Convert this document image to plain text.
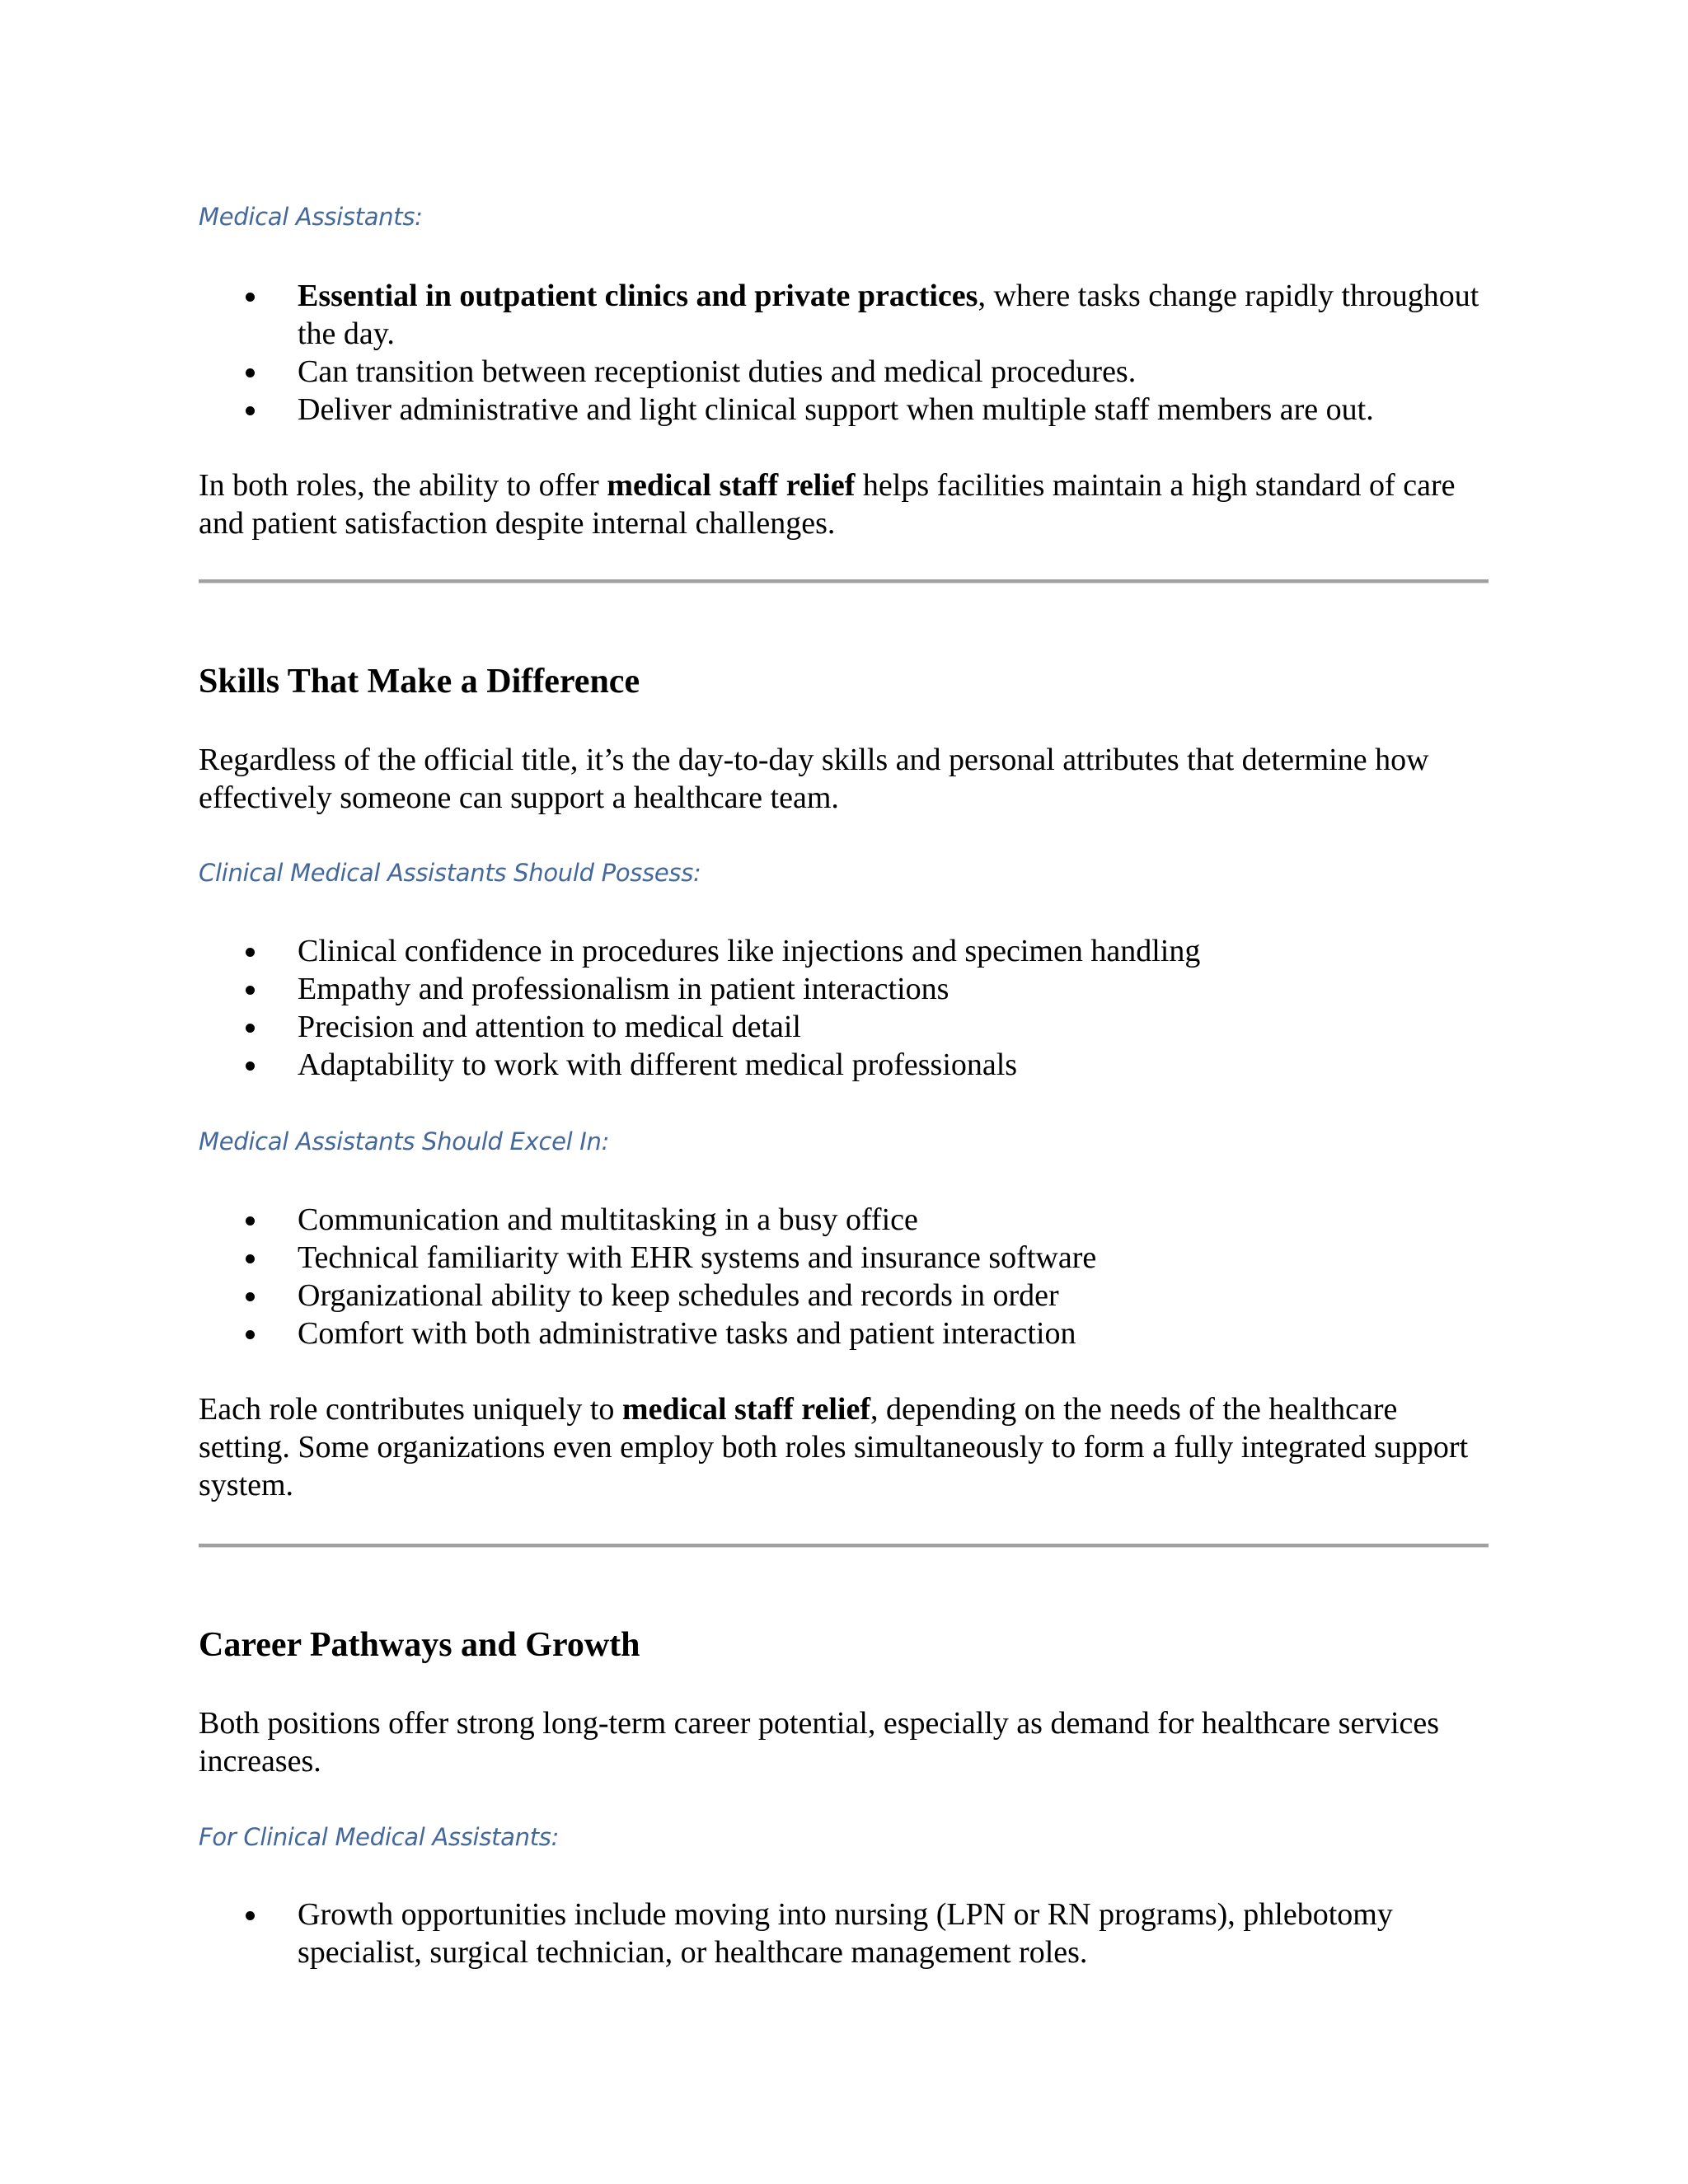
Medical Assistants:
Essential in outpatient clinics and private practices, where tasks change rapidly throughout the day.
Can transition between receptionist duties and medical procedures.
Deliver administrative and light clinical support when multiple staff members are out.

In both roles, the ability to offer medical staff relief helps facilities maintain a high standard of care and patient satisfaction despite internal challenges.

Skills That Make a Difference

Regardless of the official title, it’s the day-to-day skills and personal attributes that determine how effectively someone can support a healthcare team.

Clinical Medical Assistants Should Possess:
Clinical confidence in procedures like injections and specimen handling
Empathy and professionalism in patient interactions
Precision and attention to medical detail
Adaptability to work with different medical professionals
Medical Assistants Should Excel In:
Communication and multitasking in a busy office
Technical familiarity with EHR systems and insurance software
Organizational ability to keep schedules and records in order
Comfort with both administrative tasks and patient interaction

Each role contributes uniquely to medical staff relief, depending on the needs of the healthcare setting. Some organizations even employ both roles simultaneously to form a fully integrated support system.

Career Pathways and Growth

Both positions offer strong long-term career potential, especially as demand for healthcare services increases.

For Clinical Medical Assistants:
Growth opportunities include moving into nursing (LPN or RN programs), phlebotomy specialist, surgical technician, or healthcare management roles.
